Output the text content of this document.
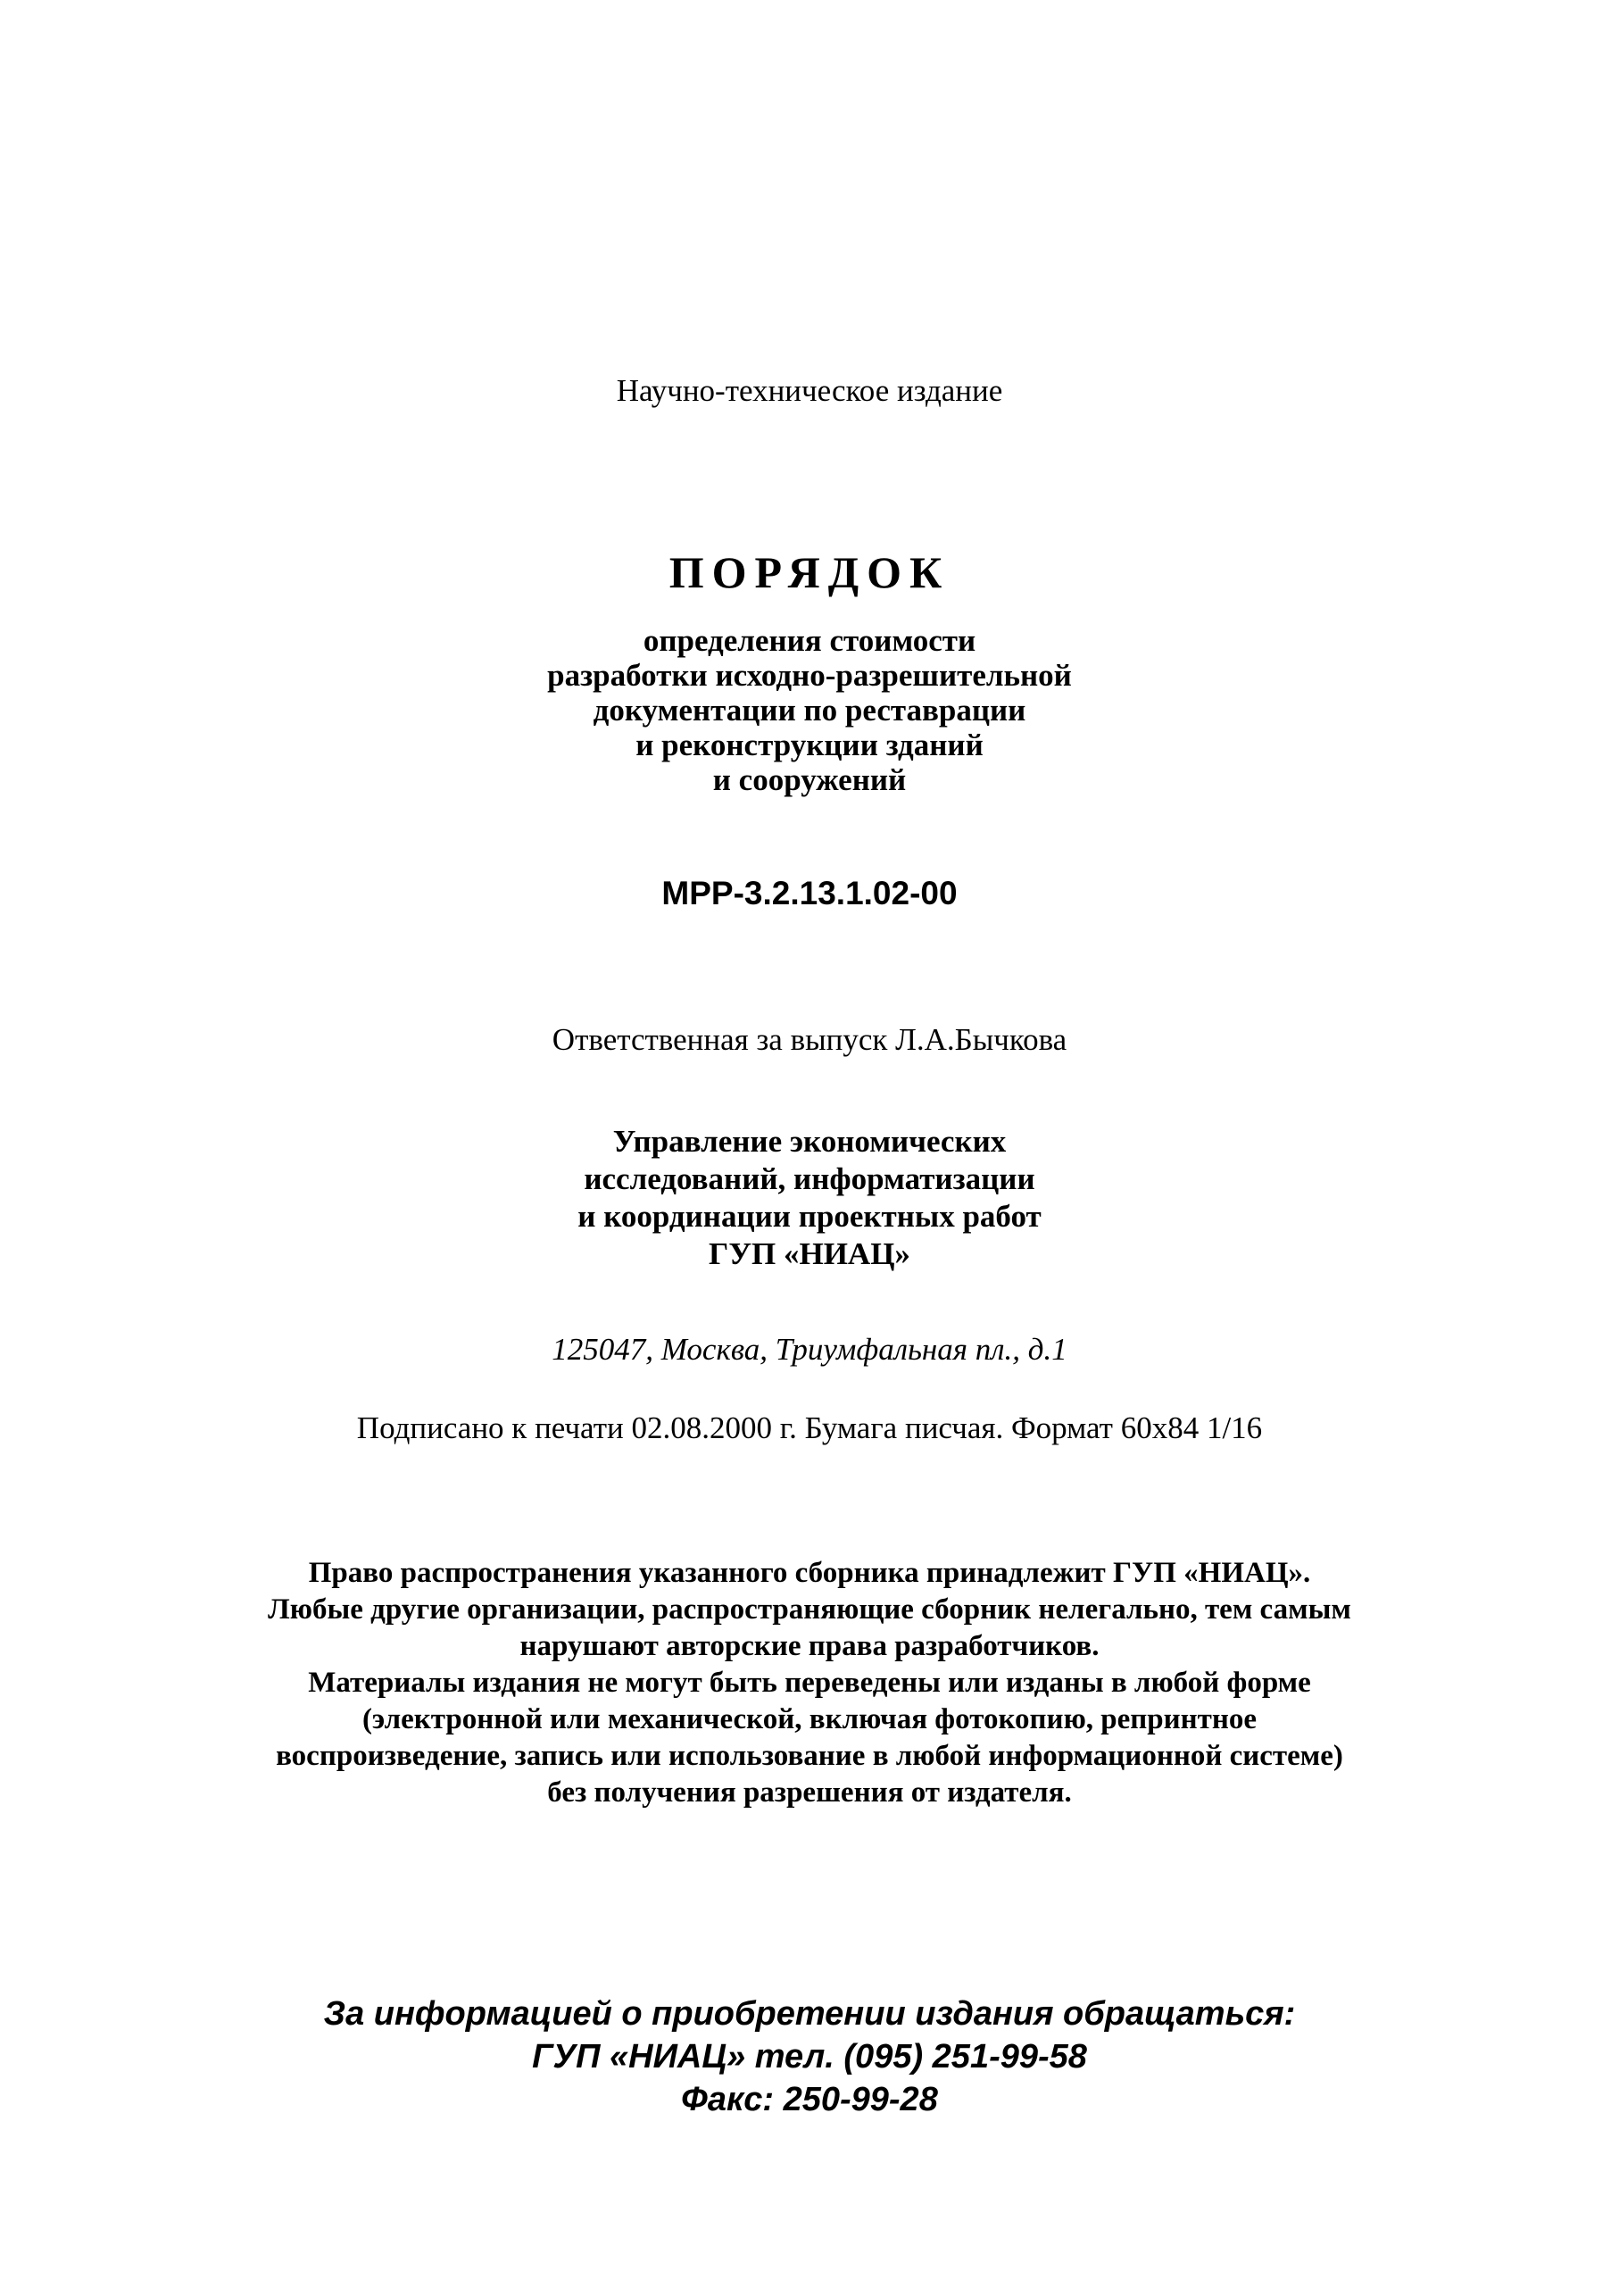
Научно-техническое издание
ПОРЯДОК
определения стоимости
разработки исходно-разрешительной
документации по реставрации
и реконструкции зданий
и сооружений
МРР-3.2.13.1.02-00
Ответственная за выпуск Л.А.Бычкова
Управление экономических
исследований, информатизации
и координации проектных работ
ГУП «НИАЦ»
125047, Москва, Триумфальная пл., д.1
Подписано к печати 02.08.2000 г. Бумага писчая. Формат 60х84 1/16
Право распространения указанного сборника принадлежит ГУП «НИАЦ».
Любые другие организации, распространяющие сборник нелегально, тем самым
нарушают авторские права разработчиков.
Материалы издания не могут быть переведены или изданы в любой форме
(электронной или механической, включая фотокопию, репринтное
воспроизведение, запись или использование в любой информационной системе)
без получения разрешения от издателя.
За информацией о приобретении издания обращаться:
ГУП «НИАЦ» тел. (095) 251-99-58
Факс: 250-99-28
